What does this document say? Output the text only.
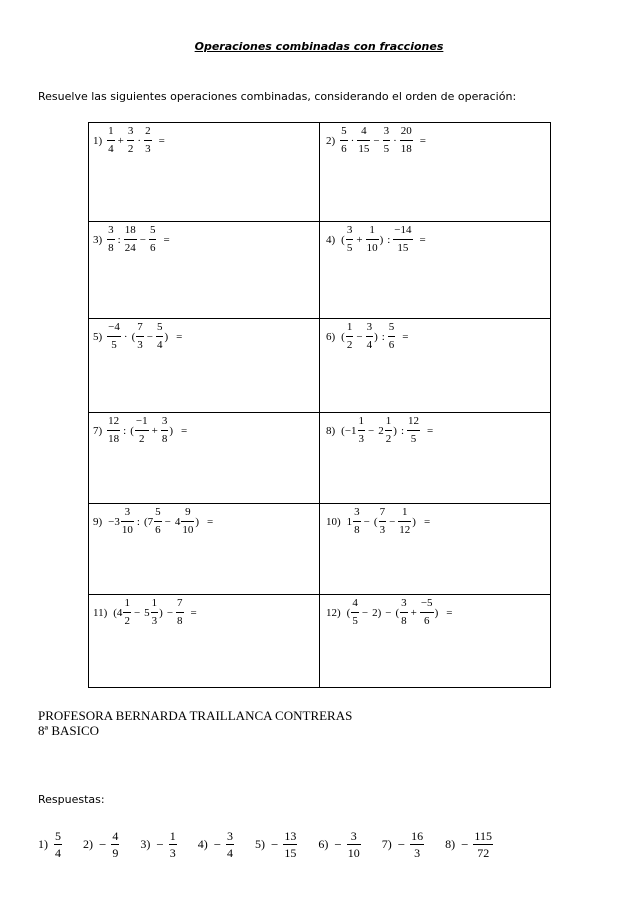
Operaciones combinadas con fracciones
Resuelve las siguientes operaciones combinadas, considerando el orden de operación:
$1) \frac{1}{4} + \frac{3}{2} \cdot \frac{2}{3}$ =	$2) \frac{5}{6} \cdot \frac{4}{15} - \frac{3}{5} \cdot \frac{20}{18}$ =
$3) \frac{3}{8}$ : $\frac{18}{24} - \frac{5}{6}$ =	4) ( $\frac{3}{5} + \frac{1}{10}$ ) : $\frac{-14}{15}$ =
$5) \frac{-4}{5}$ · ( $\frac{7}{3} - \frac{5}{4}$ ) =	6) ( $\frac{1}{2} - \frac{3}{4}$ ) : $\frac{5}{6}$ =
$7) \frac{12}{18}$ : ( $\frac{-1}{2} + \frac{3}{8}$ ) =	8) ($-1 \frac{1}{3} - 2 \frac{1}{2}$ ) : $\frac{12}{5}$ =
$9) -3 \frac{3}{10}$ : ($7 \frac{5}{6} - 4 \frac{9}{10}$ ) =	10) $1 \frac{3}{8}$ − ( $\frac{7}{3} - \frac{1}{12}$ ) =
11) ($4 \frac{1}{2} - 5 \frac{1}{3}$ ) − $\frac{7}{8}$ =	12) ( $\frac{4}{5} - 2$) − ( $\frac{3}{8} + \frac{-5}{6}$ ) =
PROFESORA BERNARDA TRAILLANCA CONTRERAS
8ª BASICO
Respuestas:
$1) \frac{5}{4} 2) - \frac{4}{9} 3) - \frac{1}{3} 4) - \frac{3}{4} 5) - \frac{13}{15} 6) - \frac{3}{10} 7) - \frac{16}{3} 8) - \frac{115}{72}$
